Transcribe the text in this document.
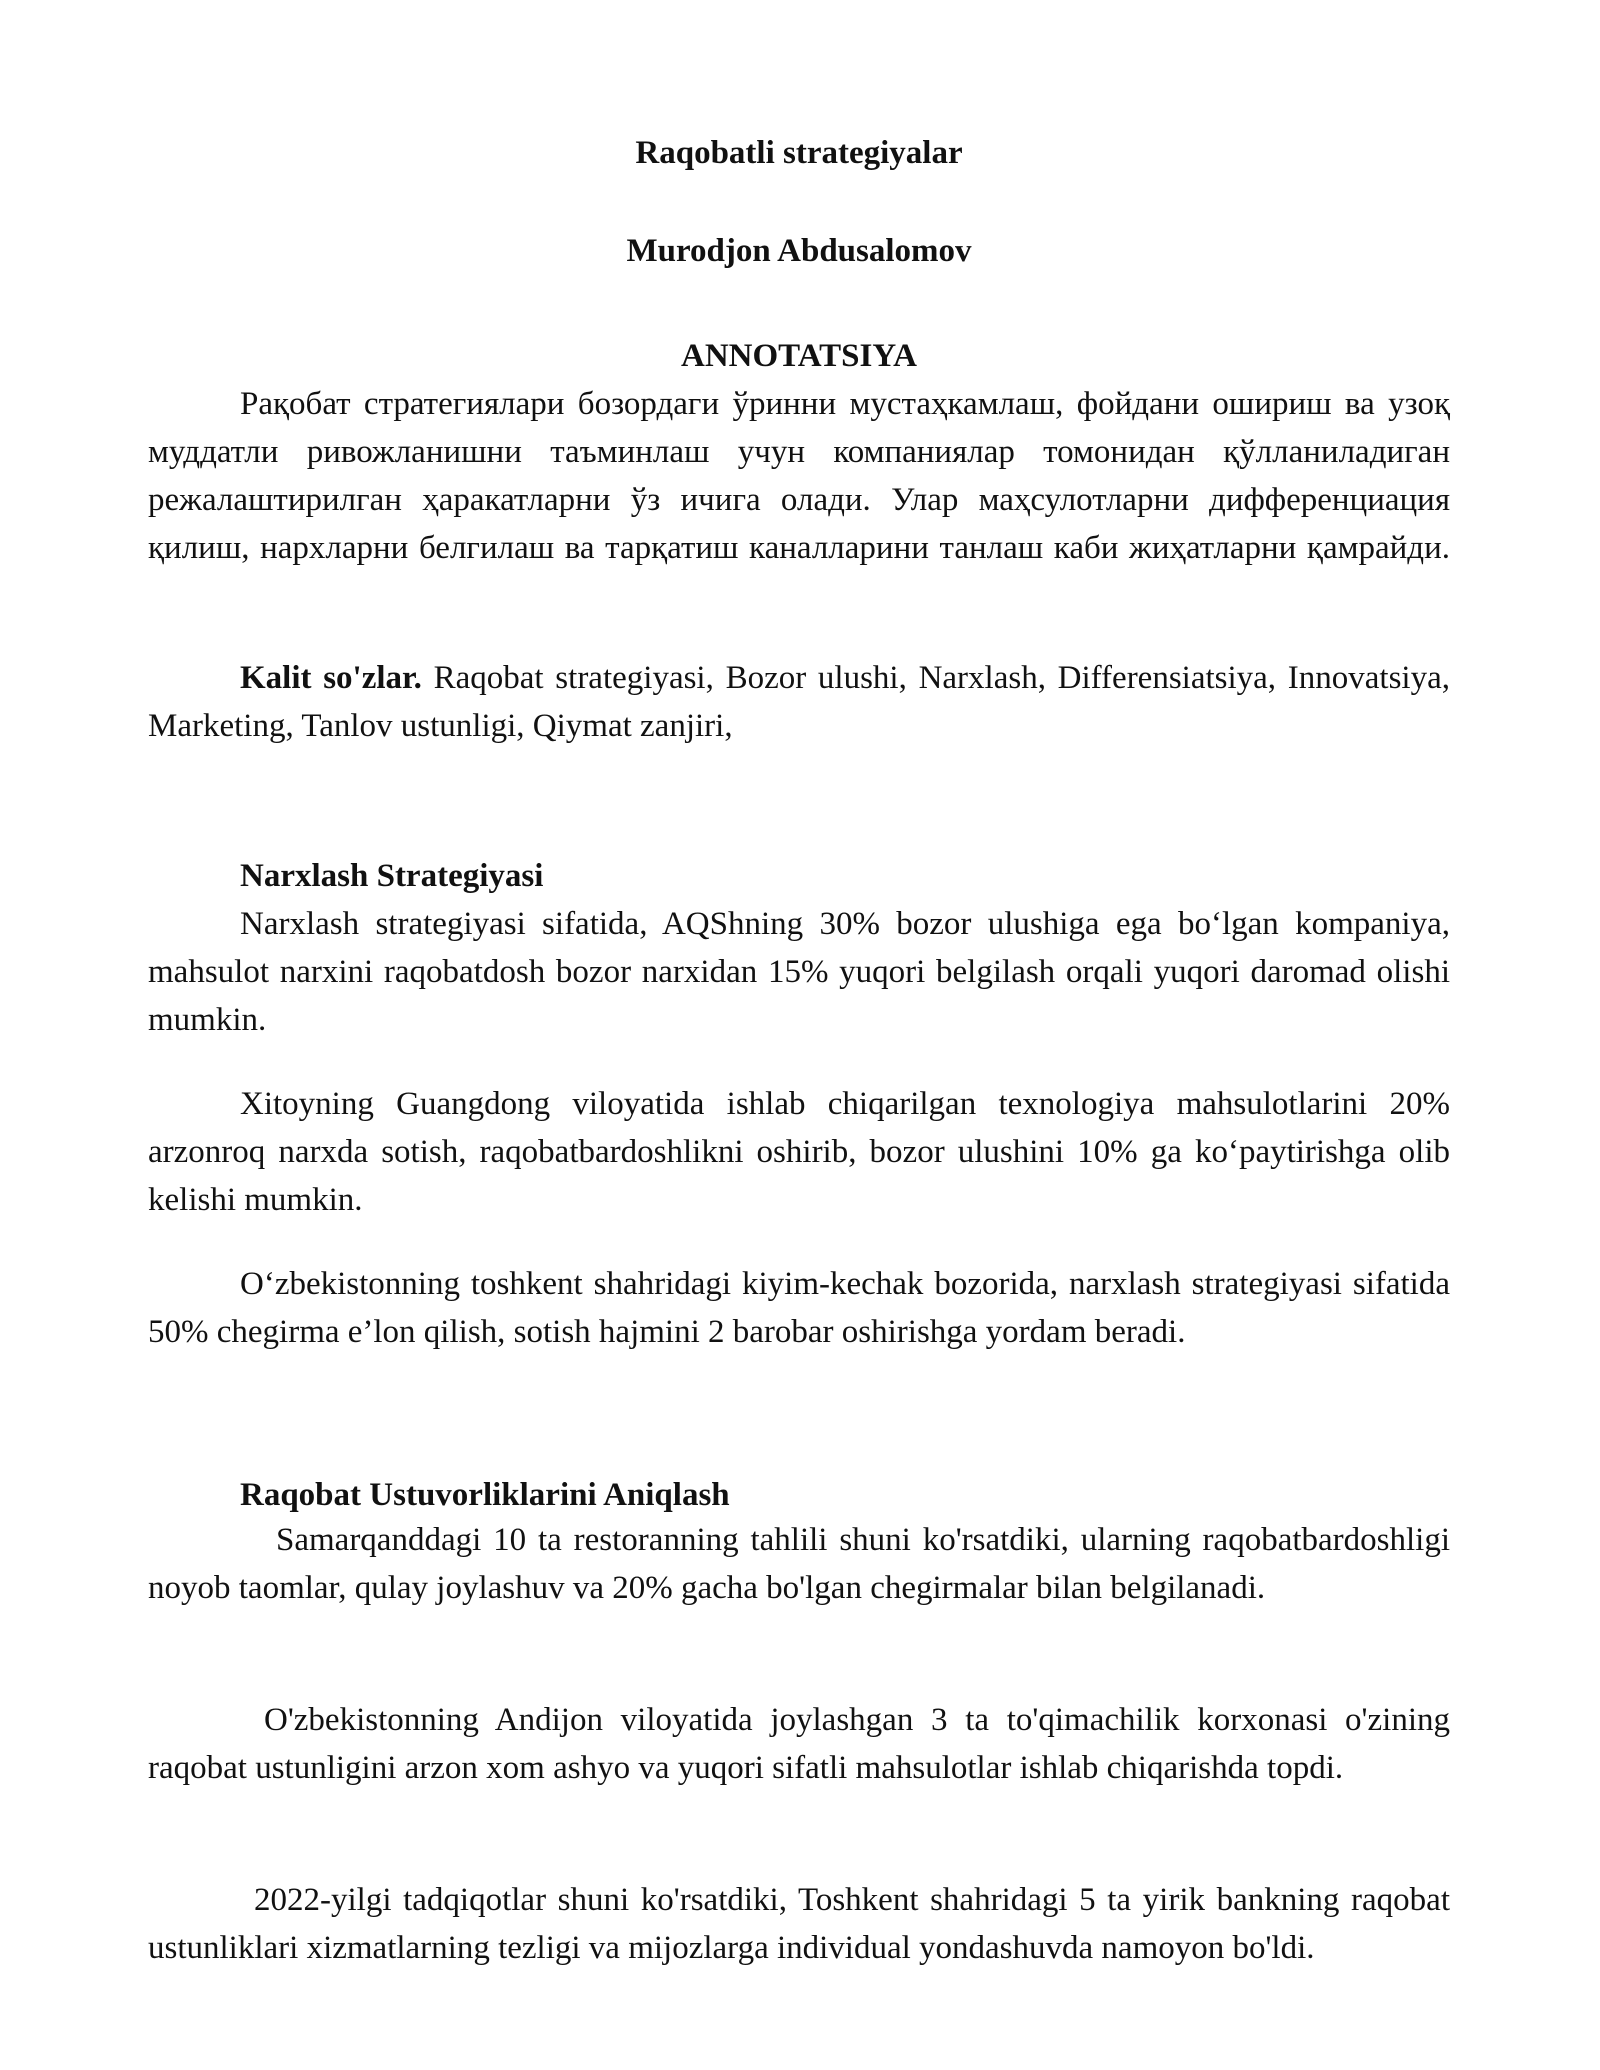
Raqobatli strategiyalar
Murodjon Abdusalomov
ANNOTATSIYA

Рақобат стратегиялари бозордаги ўринни мустаҳкамлаш, фойдани ошириш ва узоқ муддатли ривожланишни таъминлаш учун компаниялар томонидан қўлланиладиган режалаштирилган ҳаракатларни ўз ичига олади. Улар маҳсулотларни дифференциация қилиш, нархларни белгилаш ва тарқатиш каналларини танлаш каби жиҳатларни қамрайди.

Kalit so'zlar. Raqobat strategiyasi, Bozor ulushi, Narxlash, Differensiatsiya, Innovatsiya, Marketing, Tanlov ustunligi, Qiymat zanjiri,

Narxlash Strategiyasi

Narxlash strategiyasi sifatida, AQShning 30% bozor ulushiga ega bo‘lgan kompaniya, mahsulot narxini raqobatdosh bozor narxidan 15% yuqori belgilash orqali yuqori daromad olishi mumkin.

Xitoyning Guangdong viloyatida ishlab chiqarilgan texnologiya mahsulotlarini 20% arzonroq narxda sotish, raqobatbardoshlikni oshirib, bozor ulushini 10% ga ko‘paytirishga olib kelishi mumkin.

O‘zbekistonning toshkent shahridagi kiyim-kechak bozorida, narxlash strategiyasi sifatida 50% chegirma e’lon qilish, sotish hajmini 2 barobar oshirishga yordam beradi.

Raqobat Ustuvorliklarini Aniqlash

Samarqanddagi 10 ta restoranning tahlili shuni ko'rsatdiki, ularning raqobatbardoshligi noyob taomlar, qulay joylashuv va 20% gacha bo'lgan chegirmalar bilan belgilanadi.

O'zbekistonning Andijon viloyatida joylashgan 3 ta to'qimachilik korxonasi o'zining raqobat ustunligini arzon xom ashyo va yuqori sifatli mahsulotlar ishlab chiqarishda topdi.

2022-yilgi tadqiqotlar shuni ko'rsatdiki, Toshkent shahridagi 5 ta yirik bankning raqobat ustunliklari xizmatlarning tezligi va mijozlarga individual yondashuvda namoyon bo'ldi.
